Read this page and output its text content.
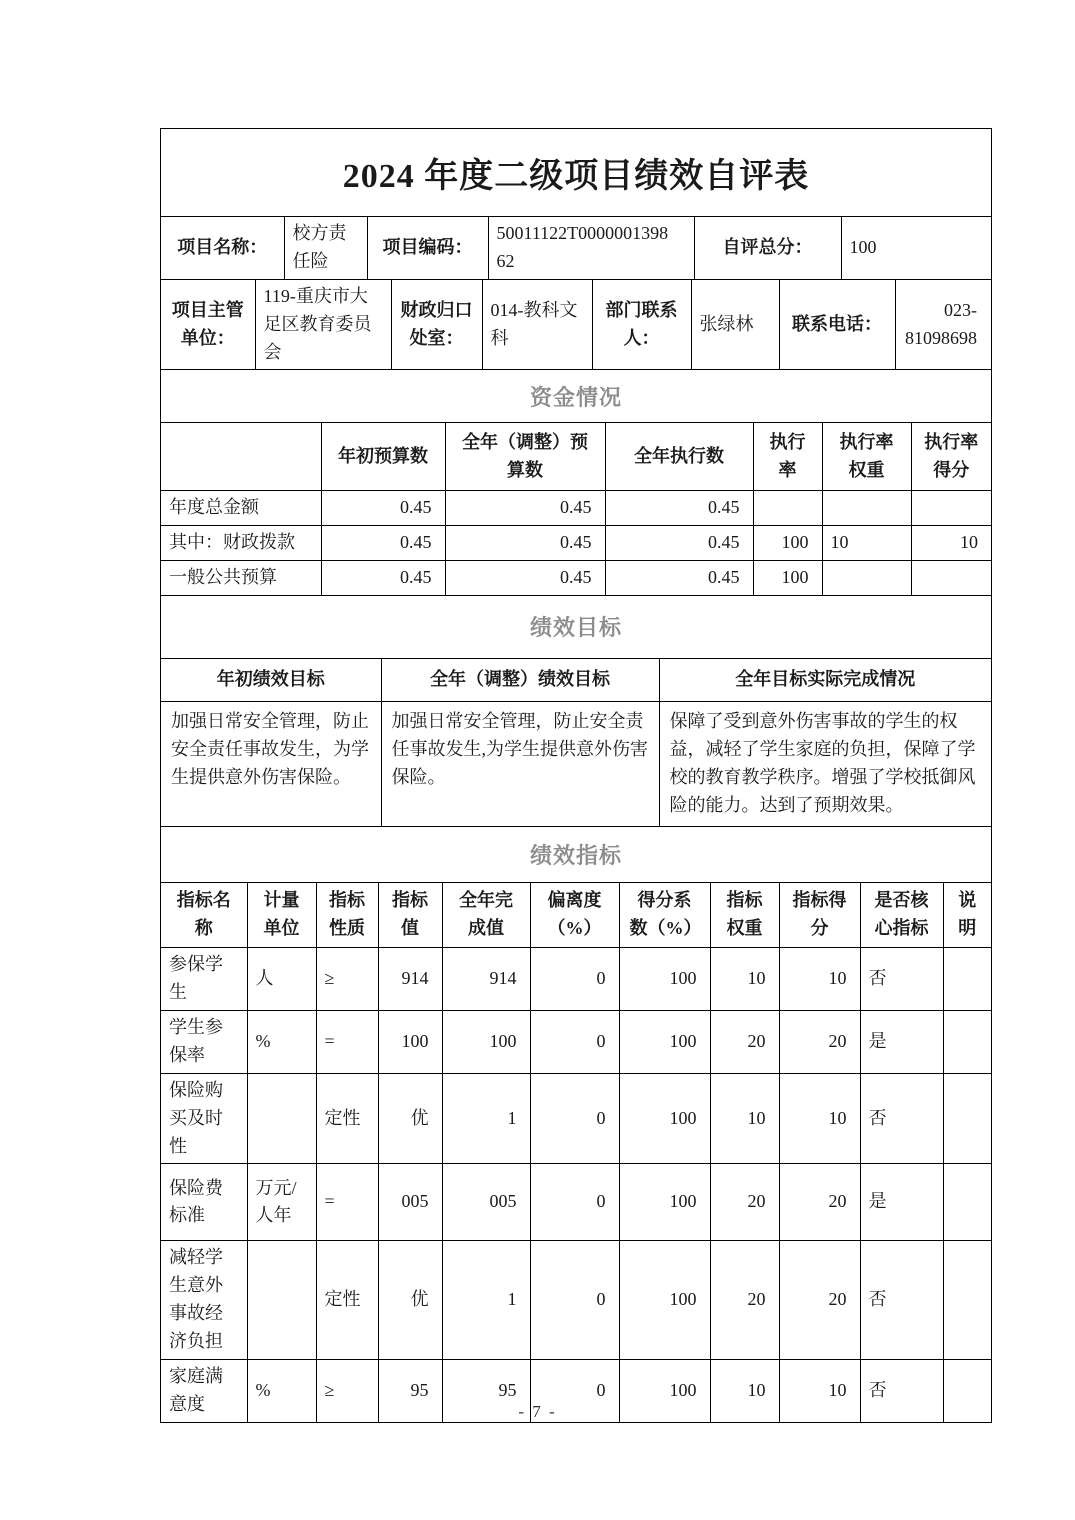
2024 年度二级项目绩效自评表
项目名称：	校方责任险	项目编码：	50011122T000000139862	自评总分：	100
项目主管单位：	119-重庆市大足区教育委员会	财政归口处室：	014-教科文科	部门联系人：	张绿林	联系电话：	023-81098698
资金情况
	年初预算数	全年（调整）预算数	全年执行数	执行率	执行率权重	执行率得分
年度总金额	0.45	0.45	0.45			
其中：财政拨款	0.45	0.45	0.45	100	10	10
一般公共预算	0.45	0.45	0.45	100		
绩效目标
年初绩效目标	全年（调整）绩效目标	全年目标实际完成情况
加强日常安全管理，防止安全责任事故发生，为学生提供意外伤害保险。	加强日常安全管理，防止安全责任事故发生,为学生提供意外伤害保险。	保障了受到意外伤害事故的学生的权益，减轻了学生家庭的负担，保障了学校的教育教学秩序。增强了学校抵御风险的能力。达到了预期效果。
绩效指标
指标名称	计量单位	指标性质	指标值	全年完成值	偏离度（%）	得分系数（%）	指标权重	指标得分	是否核心指标	说明
参保学生	人	≥	914	914	0	100	10	10	否	
学生参保率	%	=	100	100	0	100	20	20	是	
保险购买及时性		定性	优	1	0	100	10	10	否	
保险费标准	万元/人年	=	005	005	0	100	20	20	是	
减轻学生意外事故经济负担		定性	优	1	0	100	20	20	否	
家庭满意度	%	≥	95	95	0	100	10	10	否	
- 7 -
